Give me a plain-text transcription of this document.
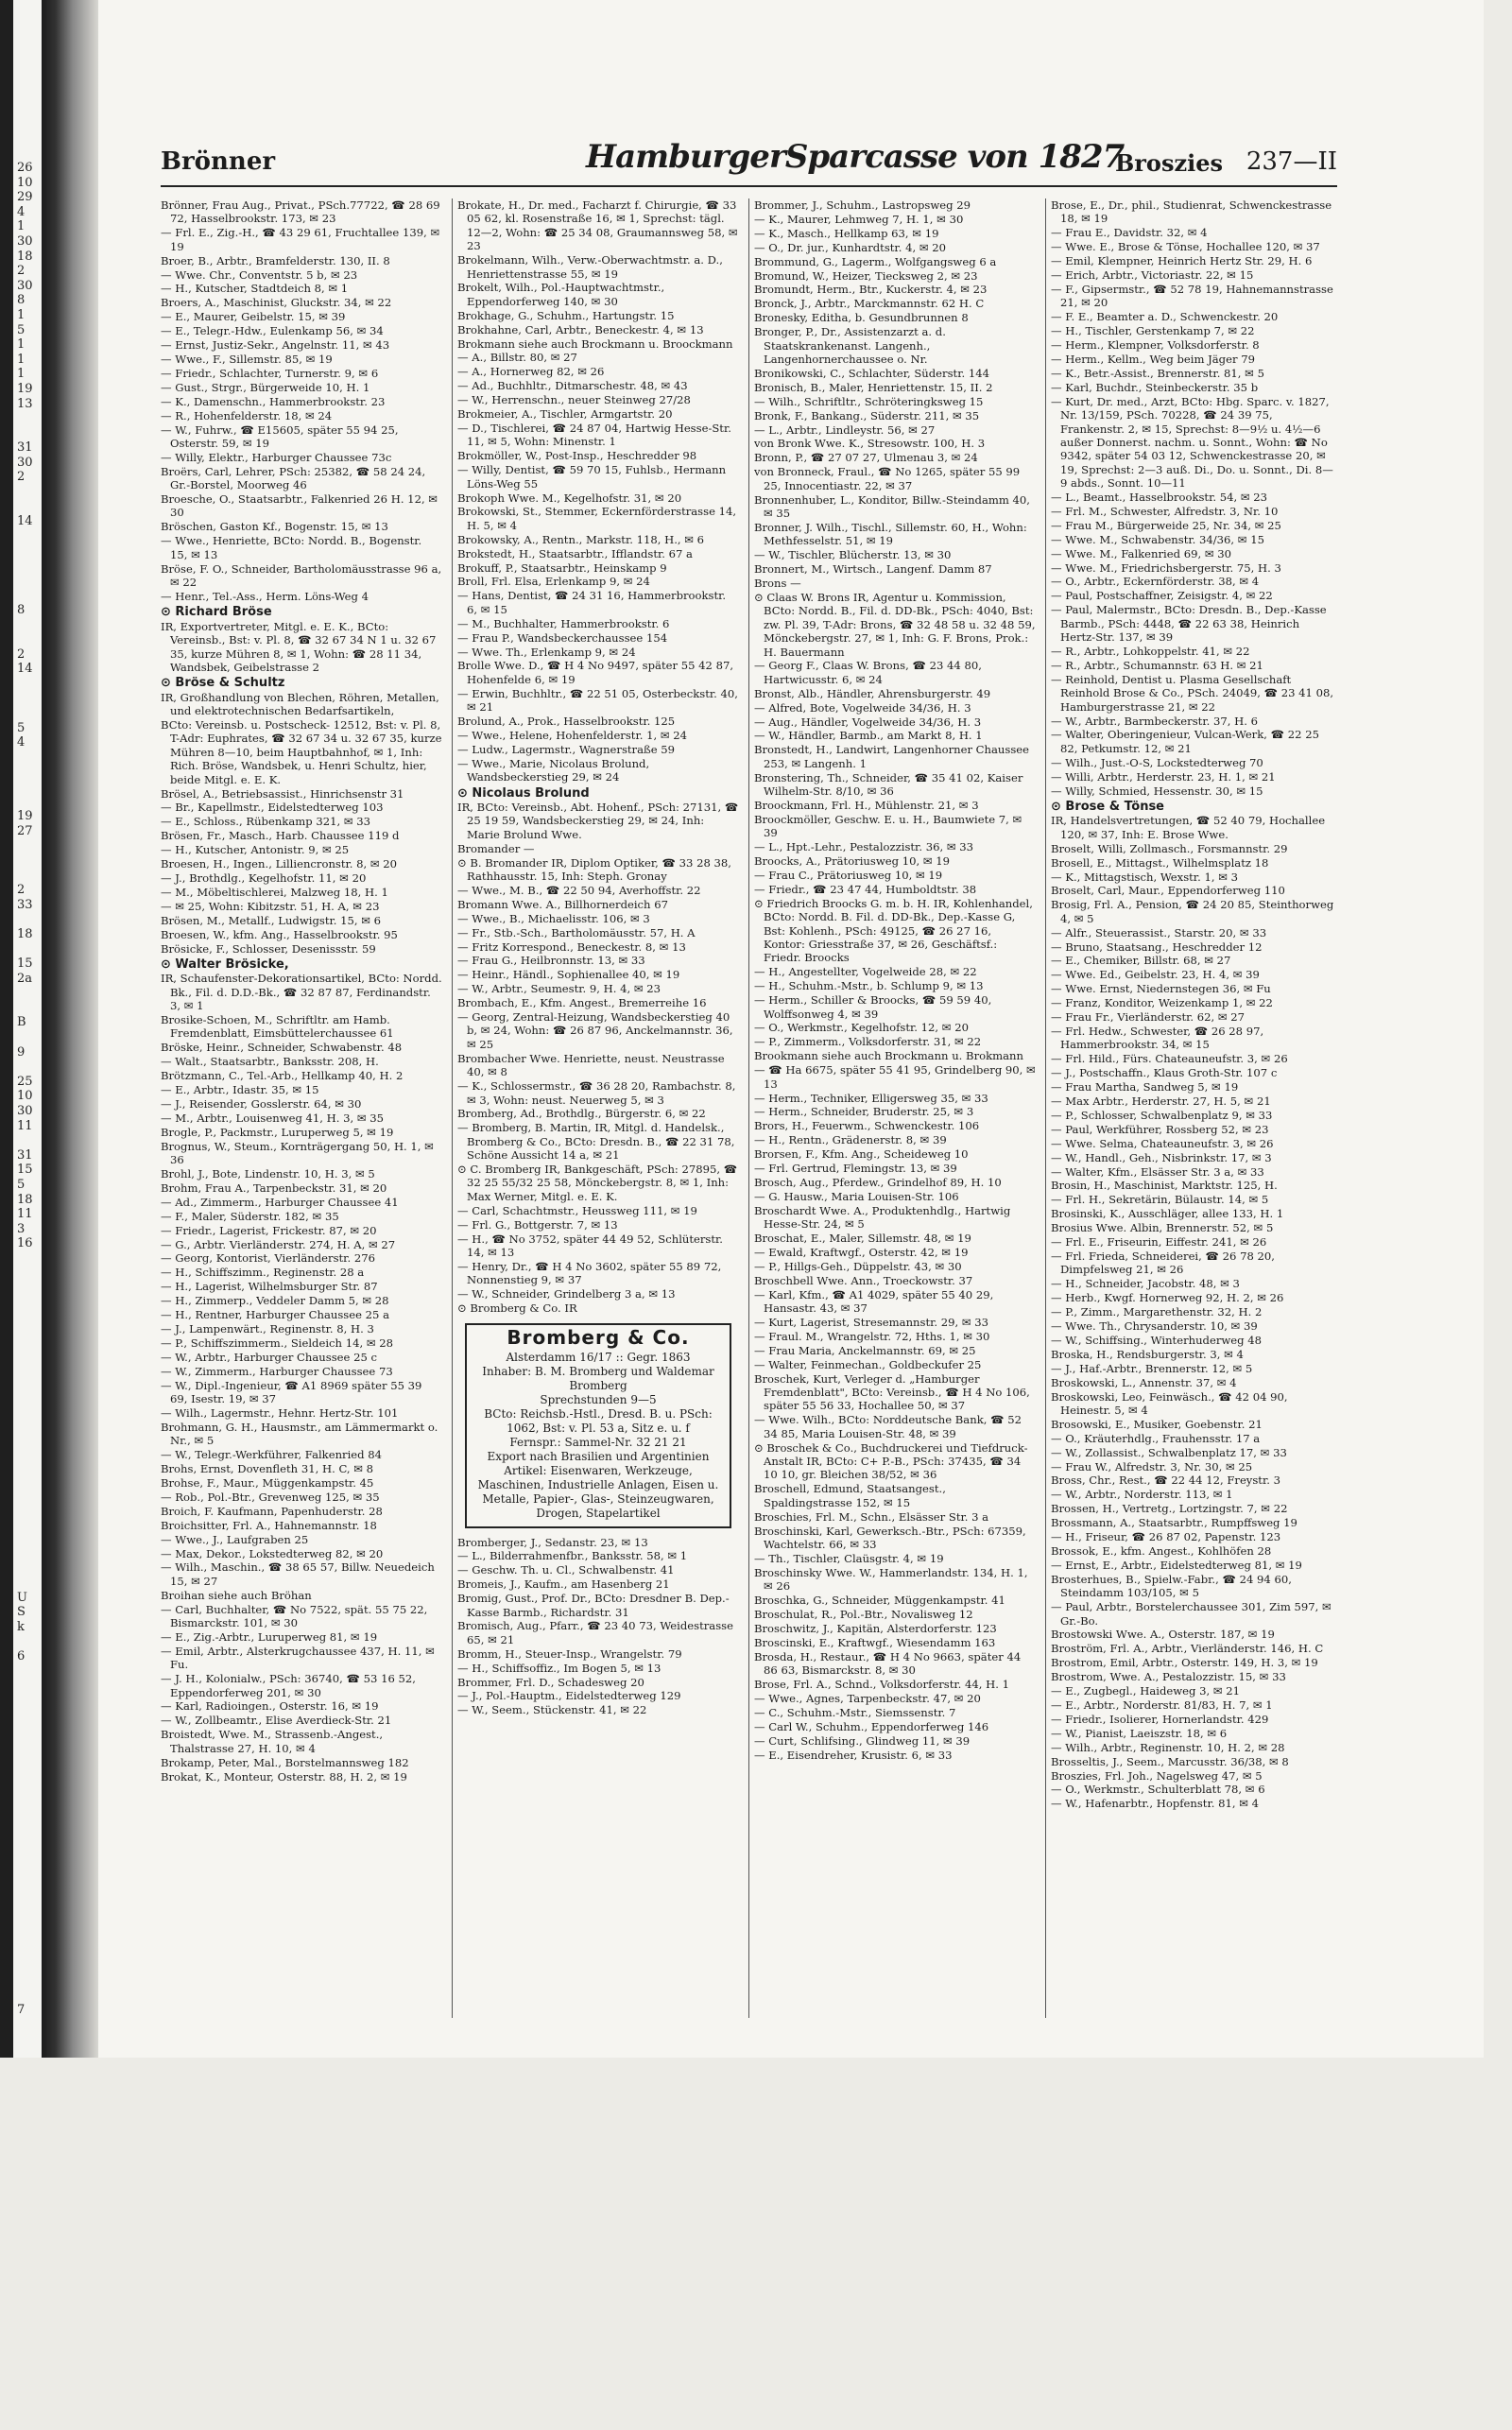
26
10
29
4
1
30
18
2
30
8
1
5
1
1
1
19
13
31
30
2
14
8
2
14
5
4
19
27
2
33
18
15
2a
B
9
25
10
30
11
31
15
5
18
11
3
16
U
S
k
6
7
Brönner	HamburgerSparcasse von 1827
Broszies 237—II
Brönner, Frau Aug., Privat., PSch.77722, ☎ 28 69 72, Hasselbrookstr. 173, ✉ 23
— Frl. E., Zig.-H., ☎ 43 29 61, Fruchtallee 139, ✉ 19
Broer, B., Arbtr., Bramfelderstr. 130, II. 8
— Wwe. Chr., Conventstr. 5 b, ✉ 23
— H., Kutscher, Stadtdeich 8, ✉ 1
Broers, A., Maschinist, Gluckstr. 34, ✉ 22
— E., Maurer, Geibelstr. 15, ✉ 39
— E., Telegr.-Hdw., Eulenkamp 56, ✉ 34
— Ernst, Justiz-Sekr., Angelnstr. 11, ✉ 43
— Wwe., F., Sillemstr. 85, ✉ 19
— Friedr., Schlachter, Turnerstr. 9, ✉ 6
— Gust., Strgr., Bürgerweide 10, H. 1
— K., Damenschn., Hammerbrookstr. 23
— R., Hohenfelderstr. 18, ✉ 24
— W., Fuhrw., ☎ E15605, später 55 94 25, Osterstr. 59, ✉ 19
— Willy, Elektr., Harburger Chaussee 73c
Broërs, Carl, Lehrer, PSch: 25382, ☎ 58 24 24, Gr.-Borstel, Moorweg 46
Broesche, O., Staatsarbtr., Falkenried 26 H. 12, ✉ 30
Bröschen, Gaston Kf., Bogenstr. 15, ✉ 13
— Wwe., Henriette, BCto: Nordd. B., Bogenstr. 15, ✉ 13
Bröse, F. O., Schneider, Bartholomäusstrasse 96 a, ✉ 22
— Henr., Tel.-Ass., Herm. Löns-Weg 4
⊙ Richard Bröse
IR, Exportvertreter, Mitgl. e. E. K., BCto: Vereinsb., Bst: v. Pl. 8, ☎ 32 67 34 N 1 u. 32 67 35, kurze Mühren 8, ✉ 1, Wohn: ☎ 28 11 34, Wandsbek, Geibelstrasse 2
⊙ Bröse & Schultz
IR, Großhandlung von Blechen, Röhren, Metallen, und elektrotechnischen Bedarfsartikeln,
BCto: Vereinsb. u. Postscheck- 12512, Bst: v. Pl. 8, T-Adr: Euphrates, ☎ 32 67 34 u. 32 67 35, kurze Mühren 8—10, beim Hauptbahnhof, ✉ 1, Inh: Rich. Bröse, Wandsbek, u. Henri Schultz, hier, beide Mitgl. e. E. K.
Brösel, A., Betriebsassist., Hinrichsenstr 31
— Br., Kapellmstr., Eidelstedterweg 103
— E., Schloss., Rübenkamp 321, ✉ 33
Brösen, Fr., Masch., Harb. Chaussee 119 d
— H., Kutscher, Antonistr. 9, ✉ 25
Broesen, H., Ingen., Lilliencronstr. 8, ✉ 20
— J., Brothdlg., Kegelhofstr. 11, ✉ 20
— M., Möbeltischlerei, Malzweg 18, H. 1
— ✉ 25, Wohn: Kibitzstr. 51, H. A, ✉ 23
Brösen, M., Metallf., Ludwigstr. 15, ✉ 6
Broesen, W., kfm. Ang., Hasselbrookstr. 95
Brösicke, F., Schlosser, Desenissstr. 59
⊙ Walter Brösicke,
IR, Schaufenster-Dekorationsartikel, BCto: Nordd. Bk., Fil. d. D.D.-Bk., ☎ 32 87 87, Ferdinandstr. 3, ✉ 1
Brosike-Schoen, M., Schriftltr. am Hamb. Fremdenblatt, Eimsbüttelerchaussee 61
Bröske, Heinr., Schneider, Schwabenstr. 48
— Walt., Staatsarbtr., Banksstr. 208, H.
Brötzmann, C., Tel.-Arb., Hellkamp 40, H. 2
— E., Arbtr., Idastr. 35, ✉ 15
— J., Reisender, Gosslerstr. 64, ✉ 30
— M., Arbtr., Louisenweg 41, H. 3, ✉ 35
Brogle, P., Packmstr., Luruperweg 5, ✉ 19
Brognus, W., Steum., Kornträgergang 50, H. 1, ✉ 36
Brohl, J., Bote, Lindenstr. 10, H. 3, ✉ 5
Brohm, Frau A., Tarpenbeckstr. 31, ✉ 20
— Ad., Zimmerm., Harburger Chaussee 41
— F., Maler, Süderstr. 182, ✉ 35
— Friedr., Lagerist, Frickestr. 87, ✉ 20
— G., Arbtr. Vierländerstr. 274, H. A, ✉ 27
— Georg, Kontorist, Vierländerstr. 276
— H., Schiffszimm., Reginenstr. 28 a
— H., Lagerist, Wilhelmsburger Str. 87
— H., Zimmerp., Veddeler Damm 5, ✉ 28
— H., Rentner, Harburger Chaussee 25 a
— J., Lampenwärt., Reginenstr. 8, H. 3
— P., Schiffszimmerm., Sieldeich 14, ✉ 28
— W., Arbtr., Harburger Chaussee 25 c
— W., Zimmerm., Harburger Chaussee 73
— W., Dipl.-Ingenieur, ☎ A1 8969 später 55 39 69, Isestr. 19, ✉ 37
— Wilh., Lagermstr., Hehnr. Hertz-Str. 101
Brohmann, G. H., Hausmstr., am Lämmermarkt o. Nr., ✉ 5
— W., Telegr.-Werkführer, Falkenried 84
Brohs, Ernst, Dovenfleth 31, H. C, ✉ 8
Brohse, F., Maur., Müggenkampstr. 45
— Rob., Pol.-Btr., Grevenweg 125, ✉ 35
Broich, F. Kaufmann, Papenhuderstr. 28
Broichsitter, Frl. A., Hahnemannstr. 18
— Wwe., J., Laufgraben 25
— Max, Dekor., Lokstedterweg 82, ✉ 20
— Wilh., Maschin., ☎ 38 65 57, Billw. Neuedeich 15, ✉ 27
Broihan siehe auch Bröhan
— Carl, Buchhalter, ☎ No 7522, spät. 55 75 22, Bismarckstr. 101, ✉ 30
— E., Zig.-Arbtr., Luruperweg 81, ✉ 19
— Emil, Arbtr., Alsterkrugchaussee 437, H. 11, ✉ Fu.
— J. H., Kolonialw., PSch: 36740, ☎ 53 16 52, Eppendorferweg 201, ✉ 30
— Karl, Radioingen., Osterstr. 16, ✉ 19
— W., Zollbeamtr., Elise Averdieck-Str. 21
Broistedt, Wwe. M., Strassenb.-Angest., Thalstrasse 27, H. 10, ✉ 4
Brokamp, Peter, Mal., Borstelmannsweg 182
Brokat, K., Monteur, Osterstr. 88, H. 2, ✉ 19
Brokate, H., Dr. med., Facharzt f. Chirurgie, ☎ 33 05 62, kl. Rosenstraße 16, ✉ 1, Sprechst: tägl. 12—2, Wohn: ☎ 25 34 08, Graumannsweg 58, ✉ 23
Brokelmann, Wilh., Verw.-Oberwachtmstr. a. D., Henriettenstrasse 55, ✉ 19
Brokelt, Wilh., Pol.-Hauptwachtmstr., Eppendorferweg 140, ✉ 30
Brokhage, G., Schuhm., Hartungstr. 15
Brokhahne, Carl, Arbtr., Beneckestr. 4, ✉ 13
Brokmann siehe auch Brockmann u. Broockmann
— A., Billstr. 80, ✉ 27
— A., Hornerweg 82, ✉ 26
— Ad., Buchhltr., Ditmarschestr. 48, ✉ 43
— W., Herrenschn., neuer Steinweg 27/28
Brokmeier, A., Tischler, Armgartstr. 20
— D., Tischlerei, ☎ 24 87 04, Hartwig Hesse-Str. 11, ✉ 5, Wohn: Minenstr. 1
Brokmöller, W., Post-Insp., Heschredder 98
— Willy, Dentist, ☎ 59 70 15, Fuhlsb., Hermann Löns-Weg 55
Brokoph Wwe. M., Kegelhofstr. 31, ✉ 20
Brokowski, St., Stemmer, Eckernförderstrasse 14, H. 5, ✉ 4
Brokowsky, A., Rentn., Markstr. 118, H., ✉ 6
Brokstedt, H., Staatsarbtr., Ifflandstr. 67 a
Brokuff, P., Staatsarbtr., Heinskamp 9
Broll, Frl. Elsa, Erlenkamp 9, ✉ 24
— Hans, Dentist, ☎ 24 31 16, Hammerbrookstr. 6, ✉ 15
— M., Buchhalter, Hammerbrookstr. 6
— Frau P., Wandsbeckerchaussee 154
— Wwe. Th., Erlenkamp 9, ✉ 24
Brolle Wwe. D., ☎ H 4 No 9497, später 55 42 87, Hohenfelde 6, ✉ 19
— Erwin, Buchhltr., ☎ 22 51 05, Osterbeckstr. 40, ✉ 21
Brolund, A., Prok., Hasselbrookstr. 125
— Wwe., Helene, Hohenfelderstr. 1, ✉ 24
— Ludw., Lagermstr., Wagnerstraße 59
— Wwe., Marie, Nicolaus Brolund, Wandsbeckerstieg 29, ✉ 24
⊙ Nicolaus Brolund
IR, BCto: Vereinsb., Abt. Hohenf., PSch: 27131, ☎ 25 19 59, Wandsbeckerstieg 29, ✉ 24, Inh: Marie Brolund Wwe.
Bromander —
⊙ B. Bromander IR, Diplom Optiker, ☎ 33 28 38, Rathhausstr. 15, Inh: Steph. Gronay
— Wwe., M. B., ☎ 22 50 94, Averhoffstr. 22
Bromann Wwe. A., Billhornerdeich 67
— Wwe., B., Michaelisstr. 106, ✉ 3
— Fr., Stb.-Sch., Bartholomäusstr. 57, H. A
— Fritz Korrespond., Beneckestr. 8, ✉ 13
— Frau G., Heilbronnstr. 13, ✉ 33
— Heinr., Händl., Sophienallee 40, ✉ 19
— W., Arbtr., Seumestr. 9, H. 4, ✉ 23
Brombach, E., Kfm. Angest., Bremerreihe 16
— Georg, Zentral-Heizung, Wandsbeckerstieg 40 b, ✉ 24, Wohn: ☎ 26 87 96, Anckelmannstr. 36, ✉ 25
Brombacher Wwe. Henriette, neust. Neustrasse 40, ✉ 8
— K., Schlossermstr., ☎ 36 28 20, Rambachstr. 8, ✉ 3, Wohn: neust. Neuerweg 5, ✉ 3
Bromberg, Ad., Brothdlg., Bürgerstr. 6, ✉ 22
— Bromberg, B. Martin, IR, Mitgl. d. Handelsk., Bromberg & Co., BCto: Dresdn. B., ☎ 22 31 78, Schöne Aussicht 14 a, ✉ 21
⊙ C. Bromberg IR, Bankgeschäft, PSch: 27895, ☎ 32 25 55/32 25 58, Mönckebergstr. 8, ✉ 1, Inh: Max Werner, Mitgl. e. E. K.
— Carl, Schachtmstr., Heussweg 111, ✉ 19
— Frl. G., Bottgerstr. 7, ✉ 13
— H., ☎ No 3752, später 44 49 52, Schlüterstr. 14, ✉ 13
— Henry, Dr., ☎ H 4 No 3602, später 55 89 72, Nonnenstieg 9, ✉ 37
— W., Schneider, Grindelberg 3 a, ✉ 13
⊙ Bromberg & Co. IR
Bromberg & Co.
Alsterdamm 16/17 :: Gegr. 1863
Inhaber: B. M. Bromberg und Waldemar Bromberg
Sprechstunden 9—5
BCto: Reichsb.-Hstl., Dresd. B. u. PSch: 1062, Bst: v. Pl. 53 a, Sitz e. u. f
Fernspr.: Sammel-Nr. 32 21 21
Export nach Brasilien und Argentinien
Artikel: Eisenwaren, Werkzeuge, Maschinen, Industrielle Anlagen, Eisen u. Metalle, Papier-, Glas-, Steinzeugwaren, Drogen, Stapelartikel
Bromberger, J., Sedanstr. 23, ✉ 13
— L., Bilderrahmenfbr., Banksstr. 58, ✉ 1
— Geschw. Th. u. Cl., Schwalbenstr. 41
Bromeis, J., Kaufm., am Hasenberg 21
Bromig, Gust., Prof. Dr., BCto: Dresdner B. Dep.-Kasse Barmb., Richardstr. 31
Bromisch, Aug., Pfarr., ☎ 23 40 73, Weidestrasse 65, ✉ 21
Bromm, H., Steuer-Insp., Wrangelstr. 79
— H., Schiffsoffiz., Im Bogen 5, ✉ 13
Brommer, Frl. D., Schadesweg 20
— J., Pol.-Hauptm., Eidelstedterweg 129
— W., Seem., Stückenstr. 41, ✉ 22
Brommer, J., Schuhm., Lastropsweg 29
— K., Maurer, Lehmweg 7, H. 1, ✉ 30
— K., Masch., Hellkamp 63, ✉ 19
— O., Dr. jur., Kunhardtstr. 4, ✉ 20
Brommund, G., Lagerm., Wolfgangsweg 6 a
Bromund, W., Heizer, Tiecksweg 2, ✉ 23
Bromundt, Herm., Btr., Kuckerstr. 4, ✉ 23
Bronck, J., Arbtr., Marckmannstr. 62 H. C
Bronesky, Editha, b. Gesundbrunnen 8
Bronger, P., Dr., Assistenzarzt a. d. Staatskrankenanst. Langenh., Langenhornerchaussee o. Nr.
Bronikowski, C., Schlachter, Süderstr. 144
Bronisch, B., Maler, Henriettenstr. 15, II. 2
— Wilh., Schriftltr., Schröteringksweg 15
Bronk, F., Bankang., Süderstr. 211, ✉ 35
— L., Arbtr., Lindleystr. 56, ✉ 27
von Bronk Wwe. K., Stresowstr. 100, H. 3
Bronn, P., ☎ 27 07 27, Ulmenau 3, ✉ 24
von Bronneck, Fraul., ☎ No 1265, später 55 99 25, Innocentiastr. 22, ✉ 37
Bronnenhuber, L., Konditor, Billw.-Steindamm 40, ✉ 35
Bronner, J. Wilh., Tischl., Sillemstr. 60, H., Wohn: Methfesselstr. 51, ✉ 19
— W., Tischler, Blücherstr. 13, ✉ 30
Bronnert, M., Wirtsch., Langenf. Damm 87
Brons —
⊙ Claas W. Brons IR, Agentur u. Kommission, BCto: Nordd. B., Fil. d. DD-Bk., PSch: 4040, Bst: zw. Pl. 39, T-Adr: Brons, ☎ 32 48 58 u. 32 48 59, Mönckebergstr. 27, ✉ 1, Inh: G. F. Brons, Prok.: H. Bauermann
— Georg F., Claas W. Brons, ☎ 23 44 80, Hartwicusstr. 6, ✉ 24
Bronst, Alb., Händler, Ahrensburgerstr. 49
— Alfred, Bote, Vogelweide 34/36, H. 3
— Aug., Händler, Vogelweide 34/36, H. 3
— W., Händler, Barmb., am Markt 8, H. 1
Bronstedt, H., Landwirt, Langenhorner Chaussee 253, ✉ Langenh. 1
Bronstering, Th., Schneider, ☎ 35 41 02, Kaiser Wilhelm-Str. 8/10, ✉ 36
Broockmann, Frl. H., Mühlenstr. 21, ✉ 3
Broockmöller, Geschw. E. u. H., Baumwiete 7, ✉ 39
— L., Hpt.-Lehr., Pestalozzistr. 36, ✉ 33
Broocks, A., Prätoriusweg 10, ✉ 19
— Frau C., Prätoriusweg 10, ✉ 19
— Friedr., ☎ 23 47 44, Humboldtstr. 38
⊙ Friedrich Broocks G. m. b. H. IR, Kohlenhandel, BCto: Nordd. B. Fil. d. DD-Bk., Dep.-Kasse G, Bst: Kohlenh., PSch: 49125, ☎ 26 27 16, Kontor: Griesstraße 37, ✉ 26, Geschäftsf.: Friedr. Broocks
— H., Angestellter, Vogelweide 28, ✉ 22
— H., Schuhm.-Mstr., b. Schlump 9, ✉ 13
— Herm., Schiller & Broocks, ☎ 59 59 40, Wolffsonweg 4, ✉ 39
— O., Werkmstr., Kegelhofstr. 12, ✉ 20
— P., Zimmerm., Volksdorferstr. 31, ✉ 22
Brookmann siehe auch Brockmann u. Brokmann
— ☎ Ha 6675, später 55 41 95, Grindelberg 90, ✉ 13
— Herm., Techniker, Elligersweg 35, ✉ 33
— Herm., Schneider, Bruderstr. 25, ✉ 3
Brors, H., Feuerwm., Schwenckestr. 106
— H., Rentn., Grädenerstr. 8, ✉ 39
Brorsen, F., Kfm. Ang., Scheideweg 10
— Frl. Gertrud, Flemingstr. 13, ✉ 39
Brosch, Aug., Pferdew., Grindelhof 89, H. 10
— G. Hausw., Maria Louisen-Str. 106
Broschardt Wwe. A., Produktenhdlg., Hartwig Hesse-Str. 24, ✉ 5
Broschat, E., Maler, Sillemstr. 48, ✉ 19
— Ewald, Kraftwgf., Osterstr. 42, ✉ 19
— P., Hillgs-Geh., Düppelstr. 43, ✉ 30
Broschbell Wwe. Ann., Troeckowstr. 37
— Karl, Kfm., ☎ A1 4029, später 55 40 29, Hansastr. 43, ✉ 37
— Kurt, Lagerist, Stresemannstr. 29, ✉ 33
— Fraul. M., Wrangelstr. 72, Hths. 1, ✉ 30
— Frau Maria, Anckelmannstr. 69, ✉ 25
— Walter, Feinmechan., Goldbeckufer 25
Broschek, Kurt, Verleger d. „Hamburger Fremdenblatt", BCto: Vereinsb., ☎ H 4 No 106, später 55 56 33, Hochallee 50, ✉ 37
— Wwe. Wilh., BCto: Norddeutsche Bank, ☎ 52 34 85, Maria Louisen-Str. 48, ✉ 39
⊙ Broschek & Co., Buchdruckerei und Tiefdruck-Anstalt IR, BCto: C+ P.-B., PSch: 37435, ☎ 34 10 10, gr. Bleichen 38/52, ✉ 36
Broschell, Edmund, Staatsangest., Spaldingstrasse 152, ✉ 15
Broschies, Frl. M., Schn., Elsässer Str. 3 a
Broschinski, Karl, Gewerksch.-Btr., PSch: 67359, Wachtelstr. 66, ✉ 33
— Th., Tischler, Claüsgstr. 4, ✉ 19
Broschinsky Wwe. W., Hammerlandstr. 134, H. 1, ✉ 26
Broschka, G., Schneider, Müggenkampstr. 41
Broschulat, R., Pol.-Btr., Novalisweg 12
Broschwitz, J., Kapitän, Alsterdorferstr. 123
Broscinski, E., Kraftwgf., Wiesendamm 163
Brosda, H., Restaur., ☎ H 4 No 9663, später 44 86 63, Bismarckstr. 8, ✉ 30
Brose, Frl. A., Schnd., Volksdorferstr. 44, H. 1
— Wwe., Agnes, Tarpenbeckstr. 47, ✉ 20
— C., Schuhm.-Mstr., Siemssenstr. 7
— Carl W., Schuhm., Eppendorferweg 146
— Curt, Schlifsing., Glindweg 11, ✉ 39
— E., Eisendreher, Krusistr. 6, ✉ 33
Brose, E., Dr., phil., Studienrat, Schwenckestrasse 18, ✉ 19
— Frau E., Davidstr. 32, ✉ 4
— Wwe. E., Brose & Tönse, Hochallee 120, ✉ 37
— Emil, Klempner, Heinrich Hertz Str. 29, H. 6
— Erich, Arbtr., Victoriastr. 22, ✉ 15
— F., Gipsermstr., ☎ 52 78 19, Hahnemannstrasse 21, ✉ 20
— F. E., Beamter a. D., Schwenckestr. 20
— H., Tischler, Gerstenkamp 7, ✉ 22
— Herm., Klempner, Volksdorferstr. 8
— Herm., Kellm., Weg beim Jäger 79
— K., Betr.-Assist., Brennerstr. 81, ✉ 5
— Karl, Buchdr., Steinbeckerstr. 35 b
— Kurt, Dr. med., Arzt, BCto: Hbg. Sparc. v. 1827, Nr. 13/159, PSch. 70228, ☎ 24 39 75, Frankenstr. 2, ✉ 15, Sprechst: 8—9½ u. 4½—6 außer Donnerst. nachm. u. Sonnt., Wohn: ☎ No 9342, später 54 03 12, Schwenckestrasse 20, ✉ 19, Sprechst: 2—3 auß. Di., Do. u. Sonnt., Di. 8—9 abds., Sonnt. 10—11
— L., Beamt., Hasselbrookstr. 54, ✉ 23
— Frl. M., Schwester, Alfredstr. 3, Nr. 10
— Frau M., Bürgerweide 25, Nr. 34, ✉ 25
— Wwe. M., Schwabenstr. 34/36, ✉ 15
— Wwe. M., Falkenried 69, ✉ 30
— Wwe. M., Friedrichsbergerstr. 75, H. 3
— O., Arbtr., Eckernförderstr. 38, ✉ 4
— Paul, Postschaffner, Zeisigstr. 4, ✉ 22
— Paul, Malermstr., BCto: Dresdn. B., Dep.-Kasse Barmb., PSch: 4448, ☎ 22 63 38, Heinrich Hertz-Str. 137, ✉ 39
— R., Arbtr., Lohkoppelstr. 41, ✉ 22
— R., Arbtr., Schumannstr. 63 H. ✉ 21
— Reinhold, Dentist u. Plasma Gesellschaft Reinhold Brose & Co., PSch. 24049, ☎ 23 41 08, Hamburgerstrasse 21, ✉ 22
— W., Arbtr., Barmbeckerstr. 37, H. 6
— Walter, Oberingenieur, Vulcan-Werk, ☎ 22 25 82, Petkumstr. 12, ✉ 21
— Wilh., Just.-O-S, Lockstedterweg 70
— Willi, Arbtr., Herderstr. 23, H. 1, ✉ 21
— Willy, Schmied, Hessenstr. 30, ✉ 15
⊙ Brose & Tönse
IR, Handelsvertretungen, ☎ 52 40 79, Hochallee 120, ✉ 37, Inh: E. Brose Wwe.
Broselt, Willi, Zollmasch., Forsmannstr. 29
Brosell, E., Mittagst., Wilhelmsplatz 18
— K., Mittagstisch, Wexstr. 1, ✉ 3
Broselt, Carl, Maur., Eppendorferweg 110
Brosig, Frl. A., Pension, ☎ 24 20 85, Steinthorweg 4, ✉ 5
— Alfr., Steuerassist., Starstr. 20, ✉ 33
— Bruno, Staatsang., Heschredder 12
— E., Chemiker, Billstr. 68, ✉ 27
— Wwe. Ed., Geibelstr. 23, H. 4, ✉ 39
— Wwe. Ernst, Niedernstegen 36, ✉ Fu
— Franz, Konditor, Weizenkamp 1, ✉ 22
— Frau Fr., Vierländerstr. 62, ✉ 27
— Frl. Hedw., Schwester, ☎ 26 28 97, Hammerbrookstr. 34, ✉ 15
— Frl. Hild., Fürs. Chateauneufstr. 3, ✉ 26
— J., Postschaffn., Klaus Groth-Str. 107 c
— Frau Martha, Sandweg 5, ✉ 19
— Max Arbtr., Herderstr. 27, H. 5, ✉ 21
— P., Schlosser, Schwalbenplatz 9, ✉ 33
— Paul, Werkführer, Rossberg 52, ✉ 23
— Wwe. Selma, Chateauneufstr. 3, ✉ 26
— W., Handl., Geh., Nisbrinkstr. 17, ✉ 3
— Walter, Kfm., Elsässer Str. 3 a, ✉ 33
Brosin, H., Maschinist, Marktstr. 125, H.
— Frl. H., Sekretärin, Bülaustr. 14, ✉ 5
Brosinski, K., Ausschläger, allee 133, H. 1
Brosius Wwe. Albin, Brennerstr. 52, ✉ 5
— Frl. E., Friseurin, Eiffestr. 241, ✉ 26
— Frl. Frieda, Schneiderei, ☎ 26 78 20, Dimpfelsweg 21, ✉ 26
— H., Schneider, Jacobstr. 48, ✉ 3
— Herb., Kwgf. Hornerweg 92, H. 2, ✉ 26
— P., Zimm., Margarethenstr. 32, H. 2
— Wwe. Th., Chrysanderstr. 10, ✉ 39
— W., Schiffsing., Winterhuderweg 48
Broska, H., Rendsburgerstr. 3, ✉ 4
— J., Haf.-Arbtr., Brennerstr. 12, ✉ 5
Broskowski, L., Annenstr. 37, ✉ 4
Broskowski, Leo, Feinwäsch., ☎ 42 04 90, Heinestr. 5, ✉ 4
Brosowski, E., Musiker, Goebenstr. 21
— O., Kräuterhdlg., Frauhensstr. 17 a
— W., Zollassist., Schwalbenplatz 17, ✉ 33
— Frau W., Alfredstr. 3, Nr. 30, ✉ 25
Bross, Chr., Rest., ☎ 22 44 12, Freystr. 3
— W., Arbtr., Norderstr. 113, ✉ 1
Brossen, H., Vertretg., Lortzingstr. 7, ✉ 22
Brossmann, A., Staatsarbtr., Rumpffsweg 19
— H., Friseur, ☎ 26 87 02, Papenstr. 123
Brossok, E., kfm. Angest., Kohlhöfen 28
— Ernst, E., Arbtr., Eidelstedterweg 81, ✉ 19
Brosterhues, B., Spielw.-Fabr., ☎ 24 94 60, Steindamm 103/105, ✉ 5
— Paul, Arbtr., Borstelerchaussee 301, Zim 597, ✉ Gr.-Bo.
Brostowski Wwe. A., Osterstr. 187, ✉ 19
Broström, Frl. A., Arbtr., Vierländerstr. 146, H. C
Brostrom, Emil, Arbtr., Osterstr. 149, H. 3, ✉ 19
Brostrom, Wwe. A., Pestalozzistr. 15, ✉ 33
— E., Zugbegl., Haideweg 3, ✉ 21
— E., Arbtr., Norderstr. 81/83, H. 7, ✉ 1
— Friedr., Isolierer, Hornerlandstr. 429
— W., Pianist, Laeiszstr. 18, ✉ 6
— Wilh., Arbtr., Reginenstr. 10, H. 2, ✉ 28
Brosseltis, J., Seem., Marcusstr. 36/38, ✉ 8
Broszies, Frl. Joh., Nagelsweg 47, ✉ 5
— O., Werkmstr., Schulterblatt 78, ✉ 6
— W., Hafenarbtr., Hopfenstr. 81, ✉ 4
